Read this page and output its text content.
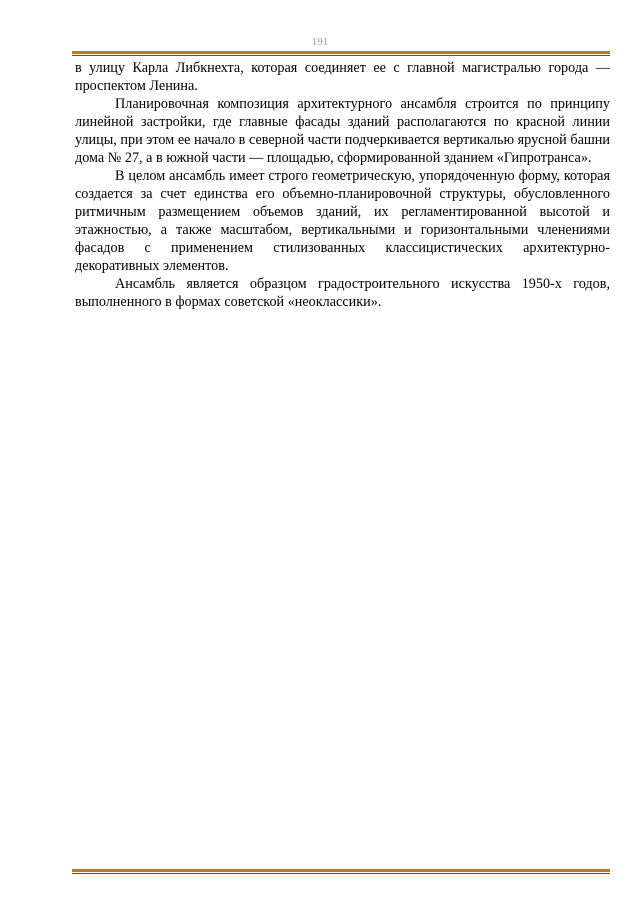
191

в улицу Карла Либкнехта, которая соединяет ее с главной магистралью города — проспектом Ленина.

Планировочная композиция архитектурного ансамбля строится по принципу линейной застройки, где главные фасады зданий располагаются по красной линии улицы, при этом ее начало в северной части подчеркивается вертикалью ярусной башни дома № 27, а в южной части — площадью, сформированной зданием «Гипротранса».

В целом ансамбль имеет строго геометрическую, упорядоченную форму, которая создается за счет единства его объемно-планировочной структуры, обусловленного ритмичным размещением объемов зданий, их регламентированной высотой и этажностью, а также масштабом, вертикальными и горизонтальными членениями фасадов с применением стилизованных классицистических архитектурно-декоративных элементов.

Ансамбль является образцом градостроительного искусства 1950-х годов, выполненного в формах советской «неоклассики».
